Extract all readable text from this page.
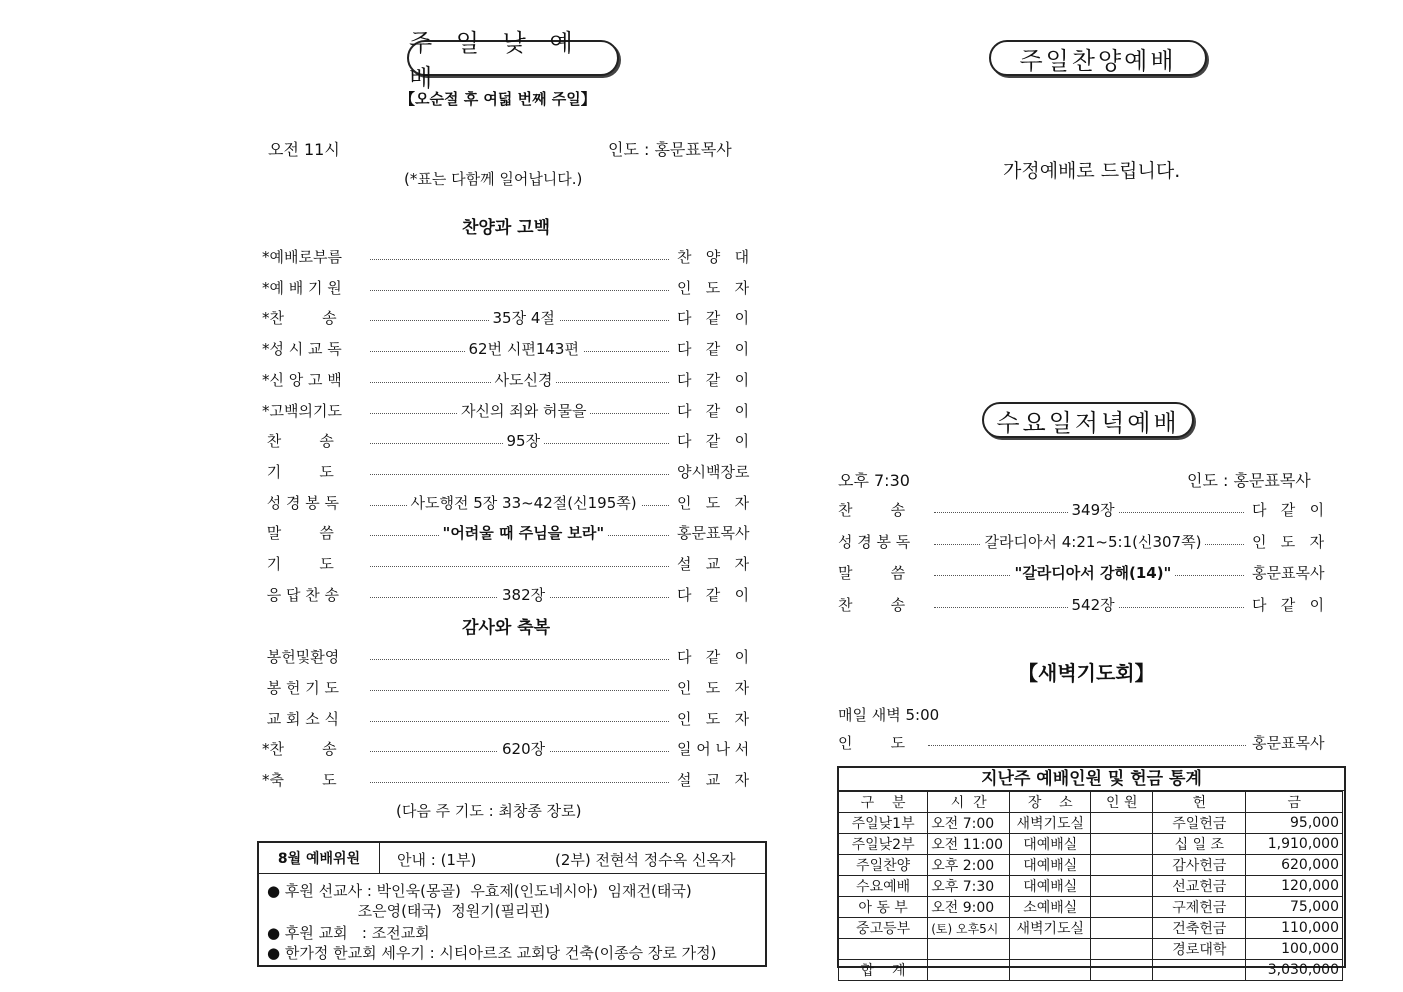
주 일 낮 예 배
【오순절 후 여덟 번째 주일】
오전 11시	인도 : 홍문표목사
(*표는 다함께 일어납니다.)
찬양과 고백
*예배로부름	찬   양   대
*예 배 기 원	인   도   자
*찬        송	35장 4절	다   같   이
*성 시 교 독	62번 시편143편	다   같   이
*신 앙 고 백	사도신경	다   같   이
*고백의기도	자신의 죄와 허물을	다   같   이
찬        송	95장	다   같   이
기        도	양시백장로
성 경 봉 독	사도행전 5장 33~42절(신195쪽)	인   도   자
말        씀	"어려울 때 주님을 보라"	홍문표목사
기        도	설   교   자
응 답 찬 송	382장	다   같   이
감사와 축복
봉헌및환영	다   같   이
봉 헌 기 도	인   도   자
교 회 소 식	인   도   자
*찬        송	620장	일 어 나 서
*축        도	설   교   자
(다음 주 기도 : 최창종 장로)
8월 예배위원	안내 : (1부)	(2부) 전현석 정수옥 신옥자
● 후원 선교사 : 박인욱(몽골)  우효제(인도네시아)  임재건(태국)
조은영(태국)  정원기(필리핀)
● 후원 교회   : 조전교회
● 한가정 한교회 세우기 : 시티아르조 교회당 건축(이종승 장로 가정)
주일찬양예배
가정예배로 드립니다.
수요일저녁예배
오후 7:30	인도 : 홍문표목사
찬        송	349장	다   같   이
성 경 봉 독	갈라디아서 4:21~5:1(신307쪽)	인   도   자
말        씀	"갈라디아서 강해(14)"	홍문표목사
찬        송	542장	다   같   이
【새벽기도회】
매일 새벽 5:00
인        도	홍문표목사
지난주 예배인원 및 헌금 통계
구    분	시  간	장    소	인 원	헌	금
주일낮1부	오전 7:00	새벽기도실		주일헌금	95,000
주일낮2부	오전 11:00	대예배실		십 일 조	1,910,000
주일찬양	오후 2:00	대예배실		감사헌금	620,000
수요예배	오후 7:30	대예배실		선교헌금	120,000
아 동 부	오전 9:00	소예배실		구제헌금	75,000
중고등부	(토) 오후5시	새벽기도실		건축헌금	110,000
				경로대학	100,000
합    계					3,030,000
